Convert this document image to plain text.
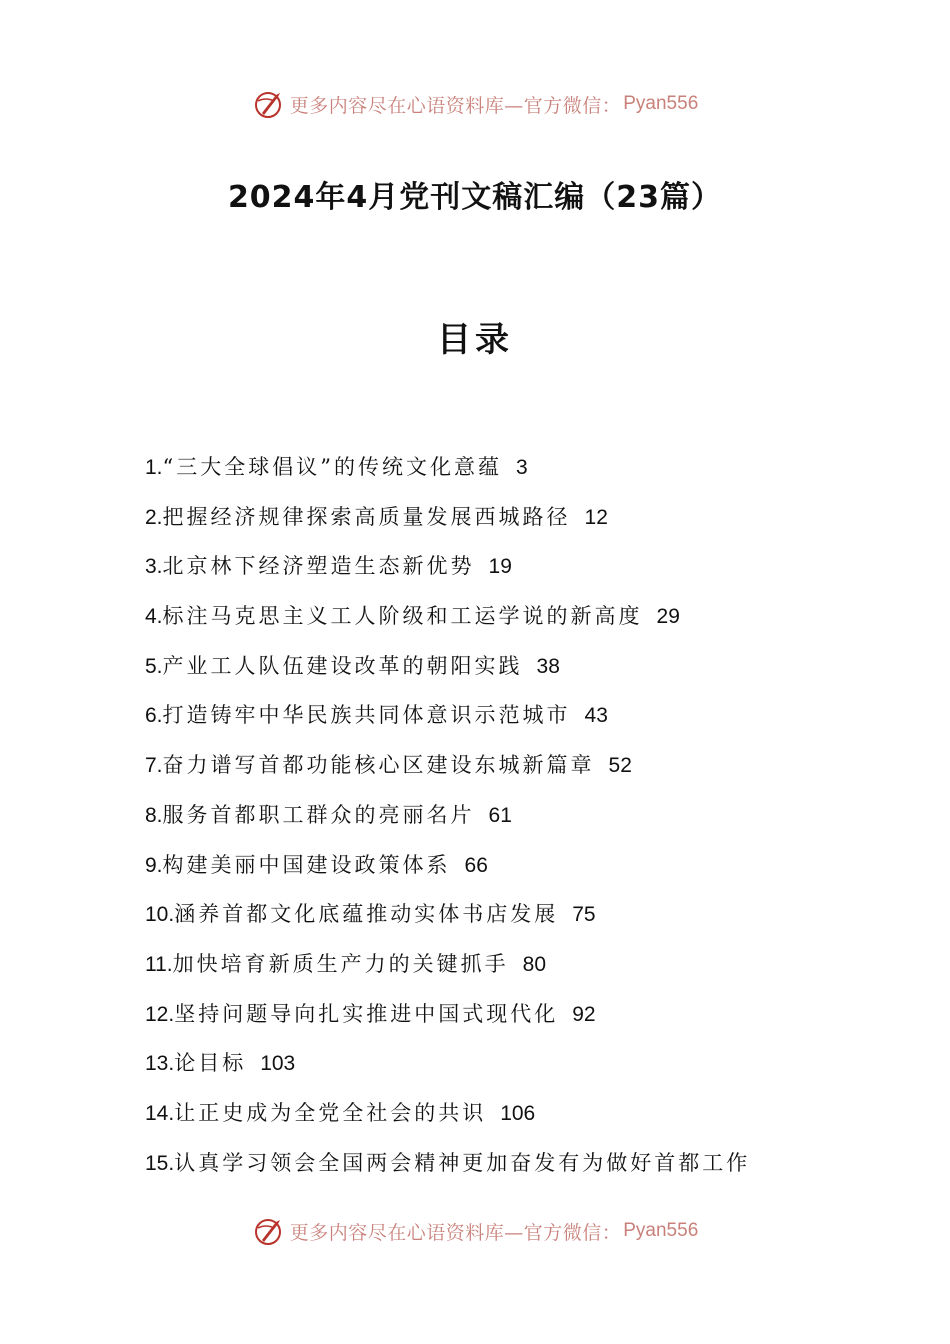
更多内容尽在心语资料库—官方微信： Pyan556
2024年4月党刊文稿汇编（23篇）
目录
1.“三大全球倡议”的传统文化意蕴 3
2.把握经济规律探索高质量发展西城路径 12
3.北京林下经济塑造生态新优势 19
4.标注马克思主义工人阶级和工运学说的新高度 29
5.产业工人队伍建设改革的朝阳实践 38
6.打造铸牢中华民族共同体意识示范城市 43
7.奋力谱写首都功能核心区建设东城新篇章 52
8.服务首都职工群众的亮丽名片 61
9.构建美丽中国建设政策体系 66
10.涵养首都文化底蕴推动实体书店发展 75
11.加快培育新质生产力的关键抓手 80
12.坚持问题导向扎实推进中国式现代化 92
13.论目标 103
14.让正史成为全党全社会的共识 106
15.认真学习领会全国两会精神更加奋发有为做好首都工作
更多内容尽在心语资料库—官方微信： Pyan556
